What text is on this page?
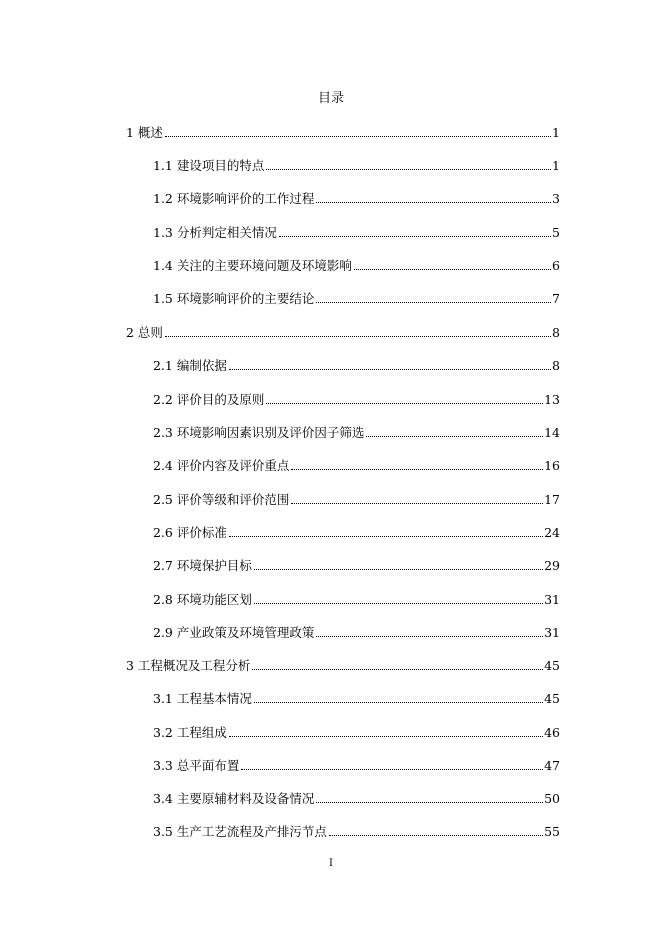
目录
1 概述	1
1.1 建设项目的特点	1
1.2 环境影响评价的工作过程	3
1.3 分析判定相关情况	5
1.4 关注的主要环境问题及环境影响	6
1.5 环境影响评价的主要结论	7
2 总则	8
2.1 编制依据	8
2.2 评价目的及原则	13
2.3 环境影响因素识别及评价因子筛选	14
2.4 评价内容及评价重点	16
2.5 评价等级和评价范围	17
2.6 评价标准	24
2.7 环境保护目标	29
2.8 环境功能区划	31
2.9 产业政策及环境管理政策	31
3 工程概况及工程分析	45
3.1 工程基本情况	45
3.2 工程组成	46
3.3 总平面布置	47
3.4 主要原辅材料及设备情况	50
3.5 生产工艺流程及产排污节点	55
I
